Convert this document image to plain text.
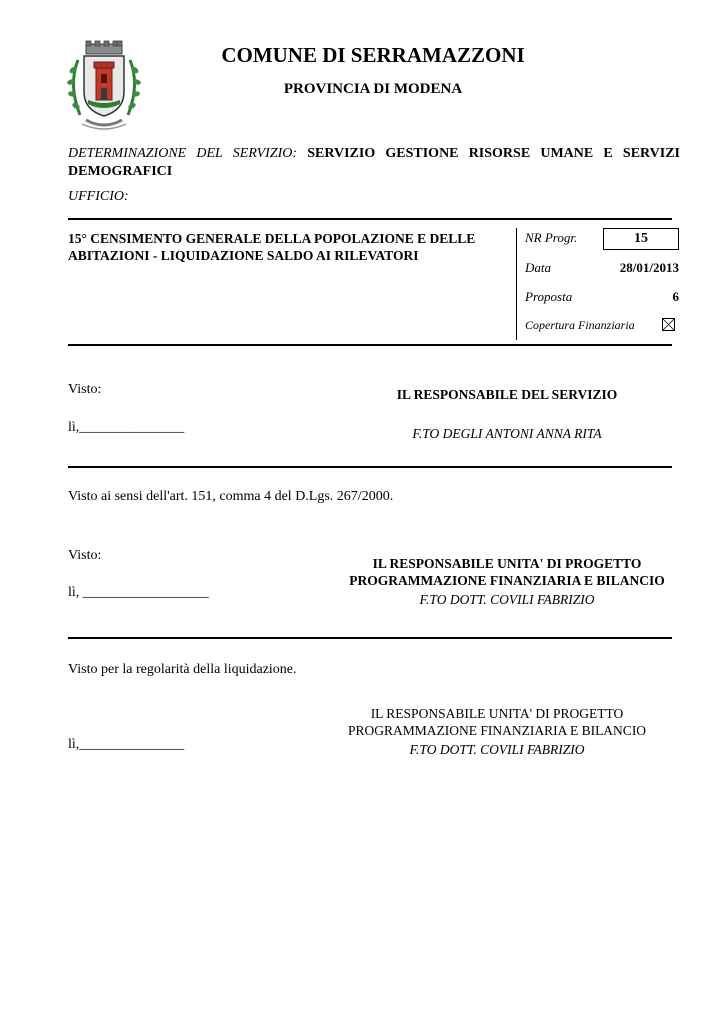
COMUNE DI SERRAMAZZONI
PROVINCIA DI MODENA
DETERMINAZIONE DEL SERVIZIO: SERVIZIO GESTIONE RISORSE UMANE E SERVIZI DEMOGRAFICI
UFFICIO:
15° CENSIMENTO GENERALE DELLA POPOLAZIONE E DELLE ABITAZIONI - LIQUIDAZIONE SALDO AI RILEVATORI
NR Progr.	15
Data	28/01/2013
Proposta	6
Copertura Finanziaria
Visto:
lì,_______________
IL RESPONSABILE DEL SERVIZIO
F.TO DEGLI ANTONI ANNA RITA
Visto ai sensi dell'art. 151, comma 4 del D.Lgs. 267/2000.
Visto:
lì, __________________
IL RESPONSABILE UNITA' DI PROGETTO
PROGRAMMAZIONE FINANZIARIA E BILANCIO
F.TO DOTT. COVILI FABRIZIO
Visto per la regolarità della liquidazione.
lì,_______________
IL RESPONSABILE UNITA' DI PROGETTO
PROGRAMMAZIONE FINANZIARIA E BILANCIO
F.TO DOTT. COVILI FABRIZIO
